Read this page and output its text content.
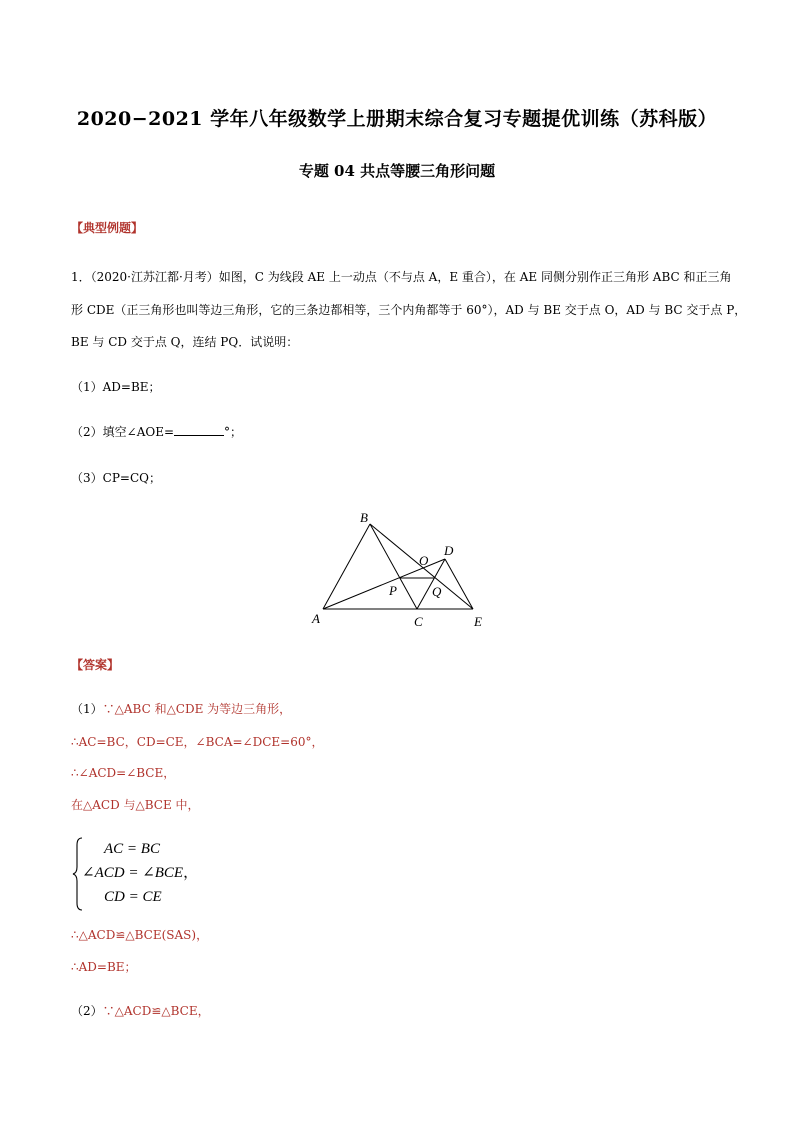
2020−2021 学年八年级数学上册期末综合复习专题提优训练（苏科版）
专题 04 共点等腰三角形问题
【典型例题】
1．（2020·江苏江都·月考）如图，C 为线段 AE 上一动点（不与点 A，E 重合），在 AE 同侧分别作正三角形 ABC 和正三角
形 CDE（正三角形也叫等边三角形，它的三条边都相等，三个内角都等于 60°），AD 与 BE 交于点 O，AD 与 BC 交于点 P，
BE 与 CD 交于点 Q，连结 PQ．试说明：
（1）AD=BE；
（2）填空∠AOE=	°；
（3）CP=CQ；
B
D
O
P	Q
A	C	E
【答案】
（1）∵△ABC 和△CDE 为等边三角形，
∴AC=BC，CD=CE，∠BCA=∠DCE=60°，
∴∠ACD=∠BCE，
在△ACD 与△BCE 中，
AC = BC
∠ACD = ∠BCE，
CD = CE
∴△ACD≌△BCE(SAS)，
∴AD=BE；
（2）∵△ACD≌△BCE，
